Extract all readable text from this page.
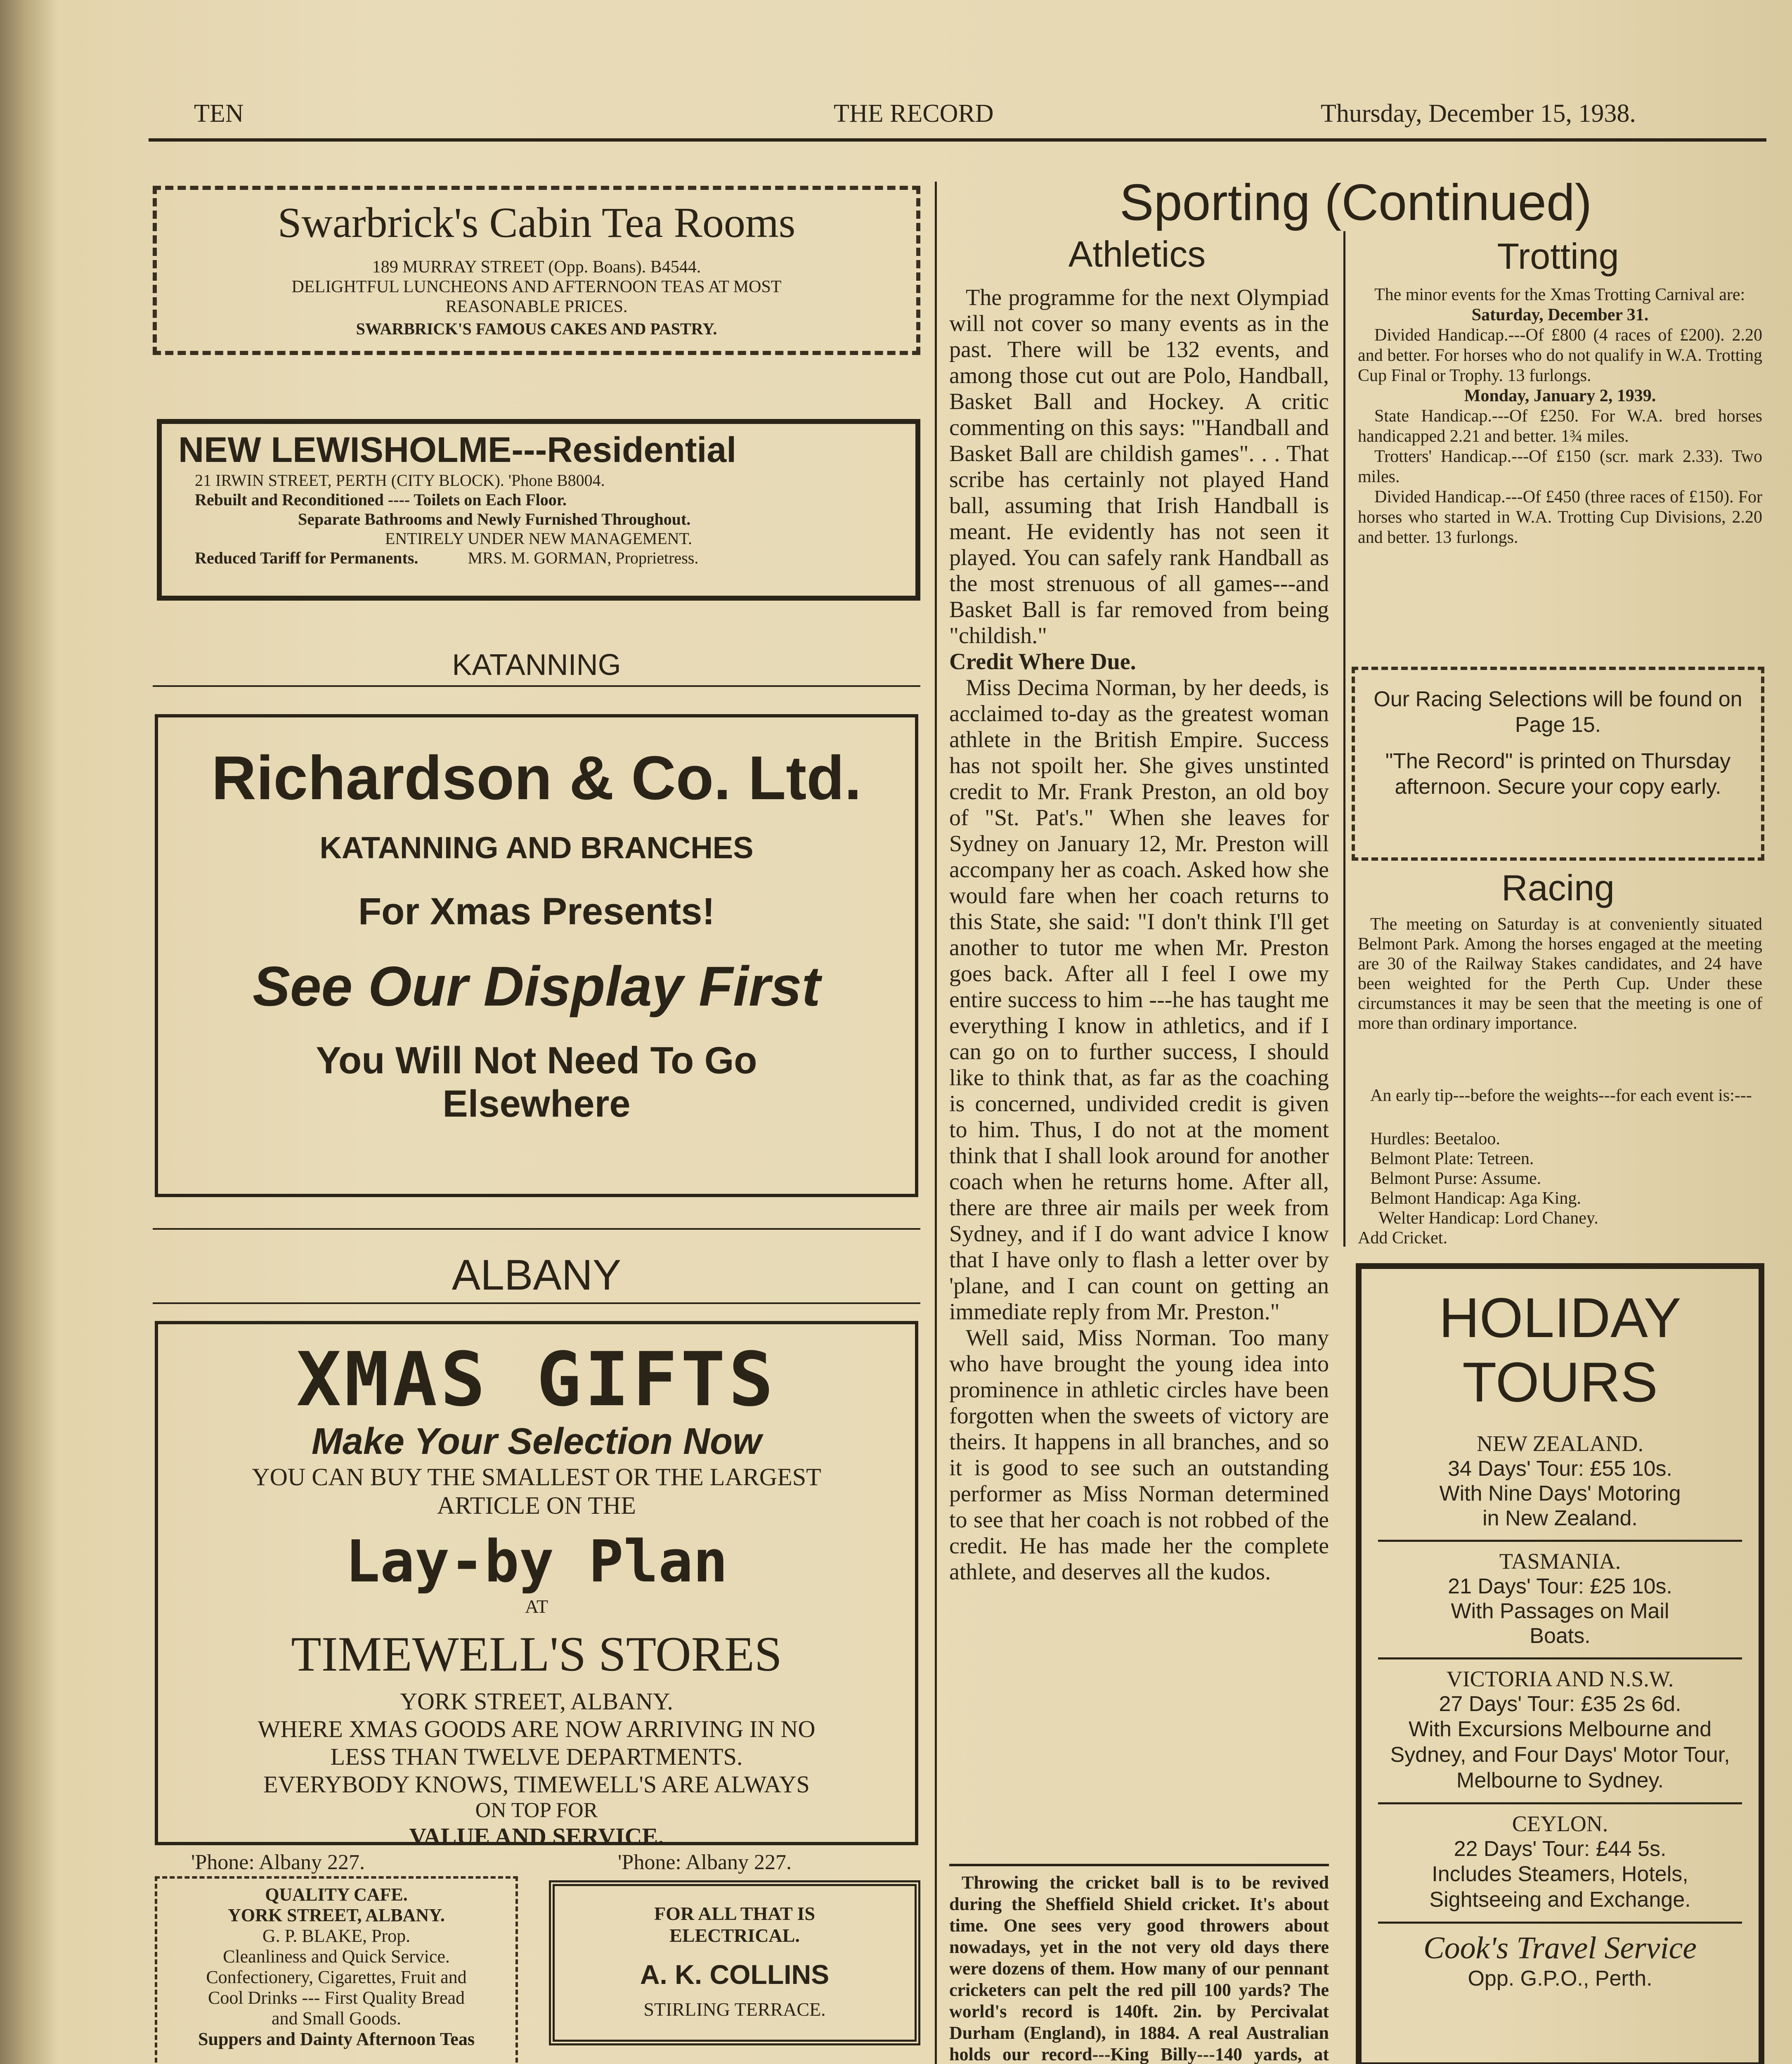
TEN	THE RECORD	Thursday, December 15, 1938.
Swarbrick's Cabin Tea Rooms
189 MURRAY STREET (Opp. Boans). B4544.
DELIGHTFUL LUNCHEONS AND AFTERNOON TEAS AT MOST
REASONABLE PRICES.
SWARBRICK'S FAMOUS CAKES AND PASTRY.
NEW LEWISHOLME---Residential
21 IRWIN STREET, PERTH (CITY BLOCK). 'Phone B8004.
Rebuilt and Reconditioned ---- Toilets on Each Floor.
Separate Bathrooms and Newly Furnished Throughout.
ENTIRELY UNDER NEW MANAGEMENT.
Reduced Tariff for Permanents.	MRS. M. GORMAN, Proprietress.
KATANNING
Richardson & Co. Ltd.
KATANNING AND BRANCHES
For Xmas Presents!
See Our Display First
You Will Not Need To Go
Elsewhere
ALBANY
XMAS GIFTS
Make Your Selection Now
YOU CAN BUY THE SMALLEST OR THE LARGEST
ARTICLE ON THE
Lay-by Plan
AT
TIMEWELL'S STORES
YORK STREET, ALBANY.
WHERE XMAS GOODS ARE NOW ARRIVING IN NO
LESS THAN TWELVE DEPARTMENTS.
EVERYBODY KNOWS, TIMEWELL'S ARE ALWAYS
ON TOP FOR
VALUE AND SERVICE.
'Phone: Albany 227.	'Phone: Albany 227.
QUALITY CAFE.
YORK STREET, ALBANY.
G. P. BLAKE, Prop.
Cleanliness and Quick Service.
Confectionery, Cigarettes, Fruit and
Cool Drinks --- First Quality Bread
and Small Goods.
Suppers and Dainty Afternoon Teas
FOR ALL THAT IS
ELECTRICAL.
A. K. COLLINS
STIRLING TERRACE.
Sporting (Continued)
Athletics

The programme for the next Olympiad will not cover so many events as in the past. There will be 132 events, and among those cut out are Polo, Handball, Basket Ball and Hockey. A critic commenting on this says: "'Handball and Basket Ball are childish games". . . That scribe has certainly not played Hand ball, assuming that Irish Handball is meant. He evidently has not seen it played. You can safely rank Handball as the most strenuous of all games---and Basket Ball is far removed from being "childish."

Credit Where Due.

Miss Decima Norman, by her deeds, is acclaimed to-day as the greatest woman athlete in the British Empire. Success has not spoilt her. She gives unstinted credit to Mr. Frank Preston, an old boy of "St. Pat's." When she leaves for Sydney on January 12, Mr. Preston will accompany her as coach. Asked how she would fare when her coach returns to this State, she said: "I don't think I'll get another to tutor me when Mr. Preston goes back. After all I feel I owe my entire success to him ---he has taught me everything I know in athletics, and if I can go on to further success, I should like to think that, as far as the coaching is concerned, undivided credit is given to him. Thus, I do not at the moment think that I shall look around for another coach when he returns home. After all, there are three air mails per week from Sydney, and if I do want advice I know that I have only to flash a letter over by 'plane, and I can count on getting an immediate reply from Mr. Preston."

Well said, Miss Norman. Too many who have brought the young idea into prominence in athletic circles have been forgotten when the sweets of victory are theirs. It happens in all branches, and so it is good to see such an outstanding performer as Miss Norman determined to see that her coach is not robbed of the credit. He has made her the complete athlete, and deserves all the kudos.

Throwing the cricket ball is to be revived during the Sheffield Shield cricket. It's about time. One sees very good throwers about nowadays, yet in the not very old days there were dozens of them. How many of our pennant cricketers can pelt the red pill 100 yards? The world's record is 140ft. 2in. by Percivalat Durham (England), in 1884. A real Australian holds our record---King Billy---140 yards, at
Trotting

The minor events for the Xmas Trotting Carnival are:

Saturday, December 31.

Divided Handicap.---Of £800 (4 races of £200). 2.20 and better. For horses who do not qualify in W.A. Trotting Cup Final or Trophy. 13 furlongs.

Monday, January 2, 1939.

State Handicap.---Of £250. For W.A. bred horses handicapped 2.21 and better. 1¾ miles.

Trotters' Handicap.---Of £150 (scr. mark 2.33). Two miles.

Divided Handicap.---Of £450 (three races of £150). For horses who started in W.A. Trotting Cup Divisions, 2.20 and better. 13 furlongs.

Our Racing Selections will be found on Page 15.
"The Record" is printed on Thursday afternoon. Secure your copy early.
Racing
The meeting on Saturday is at conveniently situated Belmont Park. Among the horses engaged at the meeting are 30 of the Railway Stakes candidates, and 24 have been weighted for the Perth Cup. Under these circumstances it may be seen that the meeting is one of more than ordinary importance.
An early tip---before the weights---for each event is:---
Hurdles: Beetaloo.
Belmont Plate: Tetreen.
Belmont Purse: Assume.
Belmont Handicap: Aga King.
Welter Handicap: Lord Chaney.
Add Cricket.
HOLIDAY
TOURS
NEW ZEALAND.
34 Days' Tour: £55 10s.
With Nine Days' Motoring
in New Zealand.
TASMANIA.
21 Days' Tour: £25 10s.
With Passages on Mail
Boats.
VICTORIA AND N.S.W.
27 Days' Tour: £35 2s 6d.
With Excursions Melbourne and Sydney, and Four Days' Motor Tour, Melbourne to Sydney.
CEYLON.
22 Days' Tour: £44 5s.
Includes Steamers, Hotels, Sightseeing and Exchange.
Cook's Travel Service
Opp. G.P.O., Perth.
